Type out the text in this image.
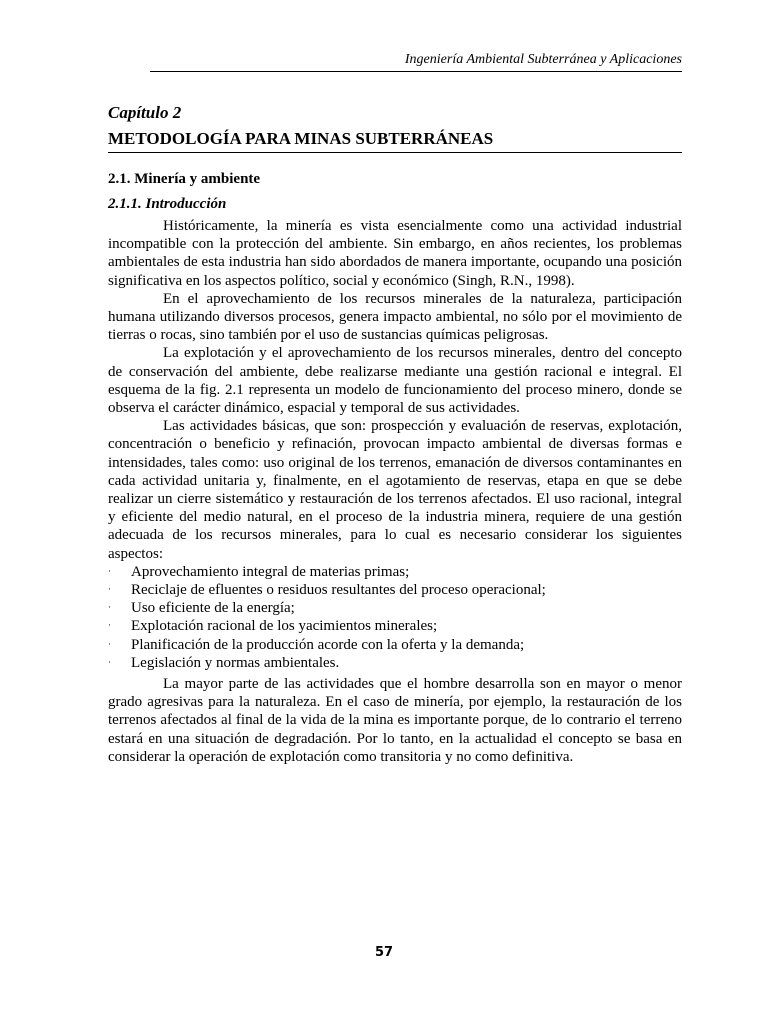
Ingeniería Ambiental Subterránea y Aplicaciones

Capítulo 2

METODOLOGÍA PARA MINAS SUBTERRÁNEAS
2.1. Minería y ambiente
2.1.1. Introducción

Históricamente, la minería es vista esencialmente como una actividad industrial incompatible con la protección del ambiente. Sin embargo, en años recientes, los problemas ambientales de esta industria han sido abordados de manera importante, ocupando una posición significativa en los aspectos político, social y económico (Singh, R.N., 1998).

En el aprovechamiento de los recursos minerales de la naturaleza, participación humana utilizando diversos procesos, genera impacto ambiental, no sólo por el movimiento de tierras o rocas, sino también por el uso de sustancias químicas peligrosas.

La explotación y el aprovechamiento de los recursos minerales, dentro del concepto de conservación del ambiente, debe realizarse mediante una gestión racional e integral. El esquema de la fig. 2.1 representa un modelo de funcionamiento del proceso minero, donde se observa el carácter dinámico, espacial y temporal de sus actividades.

Las actividades básicas, que son: prospección y evaluación de reservas, explotación, concentración o beneficio y refinación, provocan impacto ambiental de diversas formas e intensidades, tales como: uso original de los terrenos, emanación de diversos contaminantes en cada actividad unitaria y, finalmente, en el agotamiento de reservas, etapa en que se debe realizar un cierre sistemático y restauración de los terrenos afectados. El uso racional, integral y eficiente del medio natural, en el proceso de la industria minera, requiere de una gestión adecuada de los recursos minerales, para lo cual es necesario considerar los siguientes aspectos:

· Aprovechamiento integral de materias primas;
· Reciclaje de efluentes o residuos resultantes del proceso operacional;
· Uso eficiente de la energía;
· Explotación racional de los yacimientos minerales;
· Planificación de la producción acorde con la oferta y la demanda;
· Legislación y normas ambientales.

La mayor parte de las actividades que el hombre desarrolla son en mayor o menor grado agresivas para la naturaleza. En el caso de minería, por ejemplo, la restauración de los terrenos afectados al final de la vida de la mina es importante porque, de lo contrario el terreno estará en una situación de degradación. Por lo tanto, en la actualidad el concepto se basa en considerar la operación de explotación como transitoria y no como definitiva.

57
